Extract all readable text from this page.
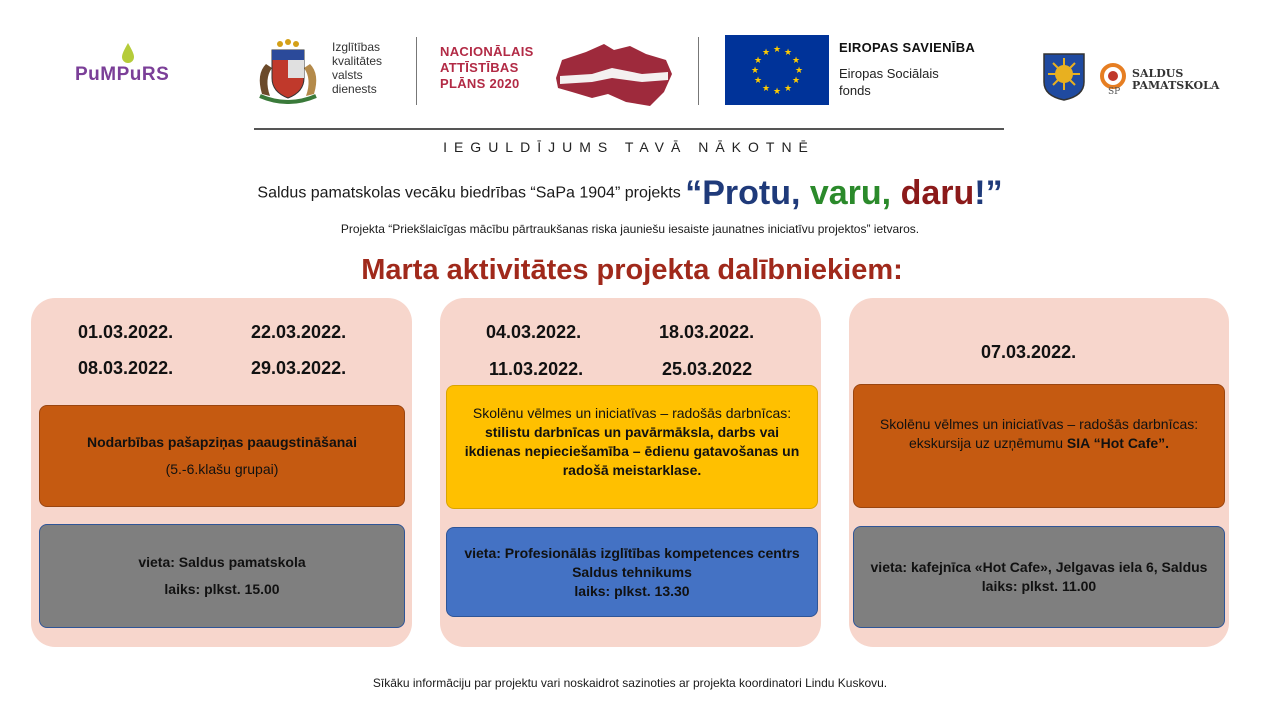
PuMPuRS
Izglītības
kvalitātes
valsts
dienests
NACIONĀLAIS
ATTĪSTĪBAS
PLĀNS 2020
★ ★
★
★
★
★
★
★
★
★
★
★	EIROPAS SAVIENĪBA
Eiropas Sociālais
fonds	SP
SALDUS
PAMATSKOLA
IEGULDĪJUMS TAVĀ NĀKOTNĒ
Saldus pamatskolas vecāku biedrības “SaPa 1904” projekts “Protu, varu, daru!”
Projekta “Priekšlaicīgas mācību pārtraukšanas riska jauniešu iesaiste jaunatnes iniciatīvu projektos” ietvaros.
Marta aktivitātes projekta dalībniekiem:
01.03.2022.	22.03.2022.
08.03.2022.	29.03.2022.
Nodarbības pašapziņas paaugstināšanai
(5.-6.klašu grupai)
vieta: Saldus pamatskola
laiks: plkst. 15.00
04.03.2022.	18.03.2022.
11.03.2022.	25.03.2022
Skolēnu vēlmes un iniciatīvas – radošās darbnīcas: stilistu darbnīcas un pavārmāksla, darbs vai ikdienas nepieciešamība – ēdienu gatavošanas un radošā meistarklase.
vieta: Profesionālās izglītības kompetences centrs Saldus tehnikums
laiks: plkst. 13.30
07.03.2022.
Skolēnu vēlmes un iniciatīvas – radošās darbnīcas: ekskursija uz uzņēmumu SIA “Hot Cafe”.
vieta: kafejnīca «Hot Cafe», Jelgavas iela 6, Saldus
laiks: plkst. 11.00
Sīkāku informāciju par projektu vari noskaidrot sazinoties ar projekta koordinatori Lindu Kuskovu.
